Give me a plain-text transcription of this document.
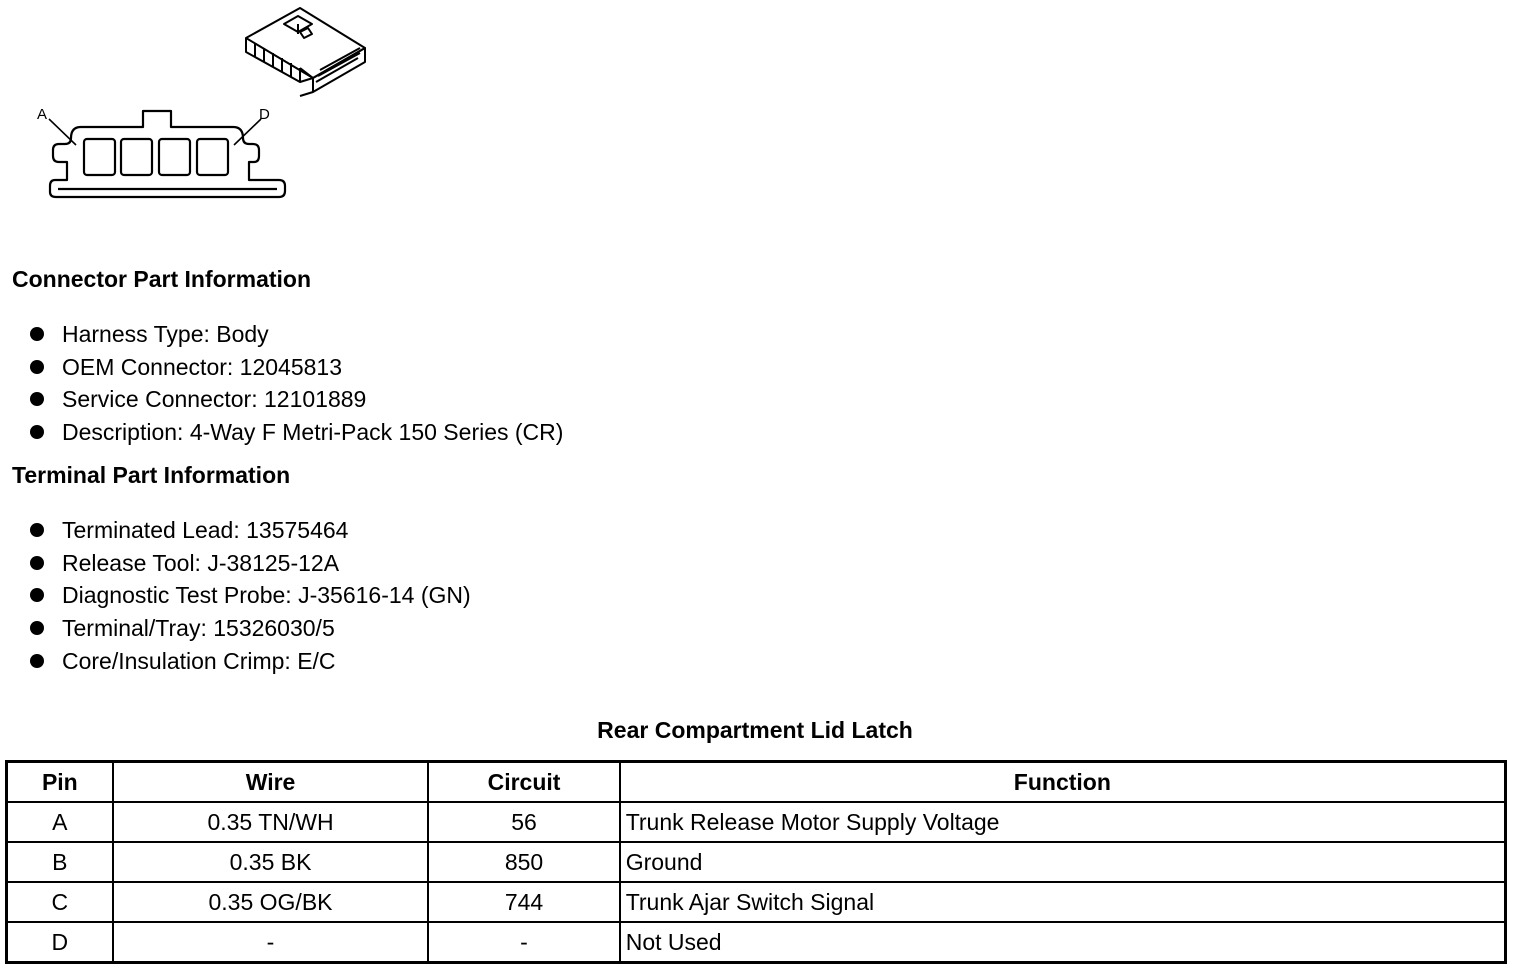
A	D
Connector Part Information
Harness Type: Body
OEM Connector: 12045813
Service Connector: 12101889
Description: 4-Way F Metri-Pack 150 Series (CR)
Terminal Part Information
Terminated Lead: 13575464
Release Tool: J-38125-12A
Diagnostic Test Probe: J-35616-14 (GN)
Terminal/Tray: 15326030/5
Core/Insulation Crimp: E/C
Rear Compartment Lid Latch
Pin	Wire	Circuit	Function
A	0.35 TN/WH	56	Trunk Release Motor Supply Voltage
B	0.35 BK	850	Ground
C	0.35 OG/BK	744	Trunk Ajar Switch Signal
D	-	-	Not Used
